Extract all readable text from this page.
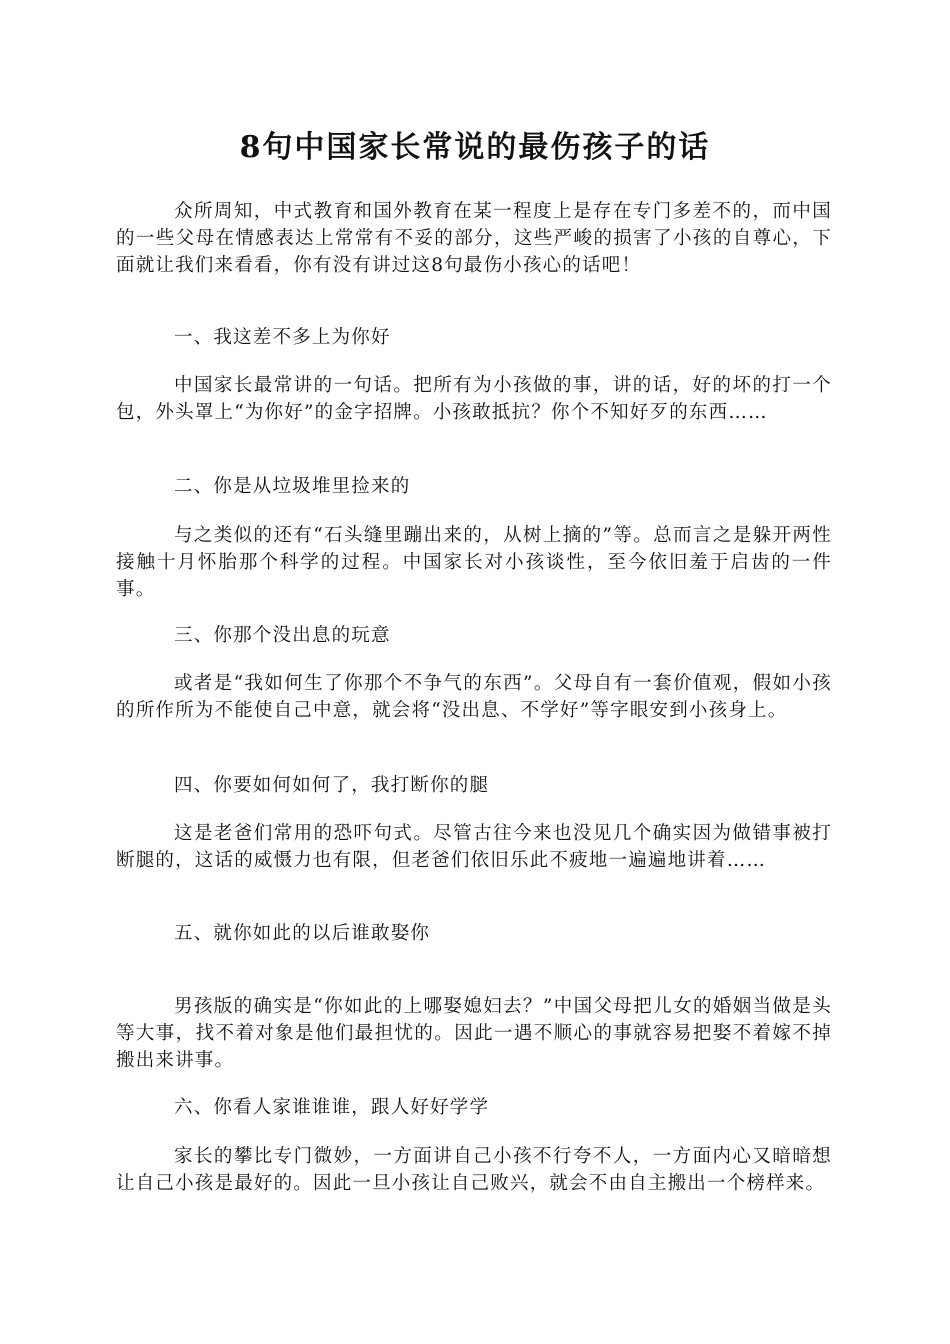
8句中国家长常说的最伤孩子的话

众所周知，中式教育和国外教育在某一程度上是存在专门多差不的，而中国的一些父母在情感表达上常常有不妥的部分，这些严峻的损害了小孩的自尊心，下面就让我们来看看，你有没有讲过这8句最伤小孩心的话吧！

一、我这差不多上为你好

中国家长最常讲的一句话。把所有为小孩做的事，讲的话，好的坏的打一个包，外头罩上“为你好”的金字招牌。小孩敢抵抗？你个不知好歹的东西……

二、你是从垃圾堆里捡来的

与之类似的还有“石头缝里蹦出来的，从树上摘的”等。总而言之是躲开两性接触十月怀胎那个科学的过程。中国家长对小孩谈性，至今依旧羞于启齿的一件事。

三、你那个没出息的玩意

或者是“我如何生了你那个不争气的东西”。父母自有一套价值观，假如小孩的所作所为不能使自己中意，就会将“没出息、不学好”等字眼安到小孩身上。

四、你要如何如何了，我打断你的腿

这是老爸们常用的恐吓句式。尽管古往今来也没见几个确实因为做错事被打断腿的，这话的威慑力也有限，但老爸们依旧乐此不疲地一遍遍地讲着……

五、就你如此的以后谁敢娶你

男孩版的确实是“你如此的上哪娶媳妇去？”中国父母把儿女的婚姻当做是头等大事，找不着对象是他们最担忧的。因此一遇不顺心的事就容易把娶不着嫁不掉搬出来讲事。

六、你看人家谁谁谁，跟人好好学学

家长的攀比专门微妙，一方面讲自己小孩不行夸不人，一方面内心又暗暗想让自己小孩是最好的。因此一旦小孩让自己败兴，就会不由自主搬出一个榜样来。
